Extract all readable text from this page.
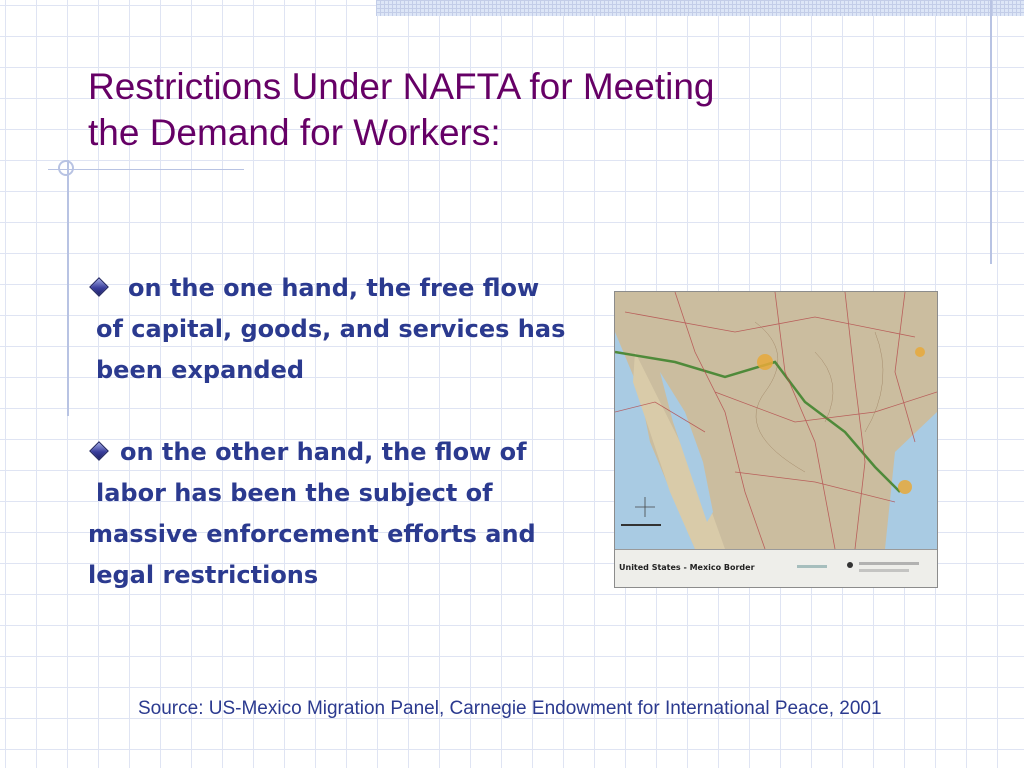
Restrictions Under NAFTA for Meeting
the Demand for Workers:
on the one hand, the free flow
of capital, goods, and services has
been expanded
on the other hand, the flow of
labor has been the subject of
massive enforcement efforts and
legal restrictions	United States - Mexico Border

Source: US-Mexico Migration Panel, Carnegie Endowment for International Peace, 2001
